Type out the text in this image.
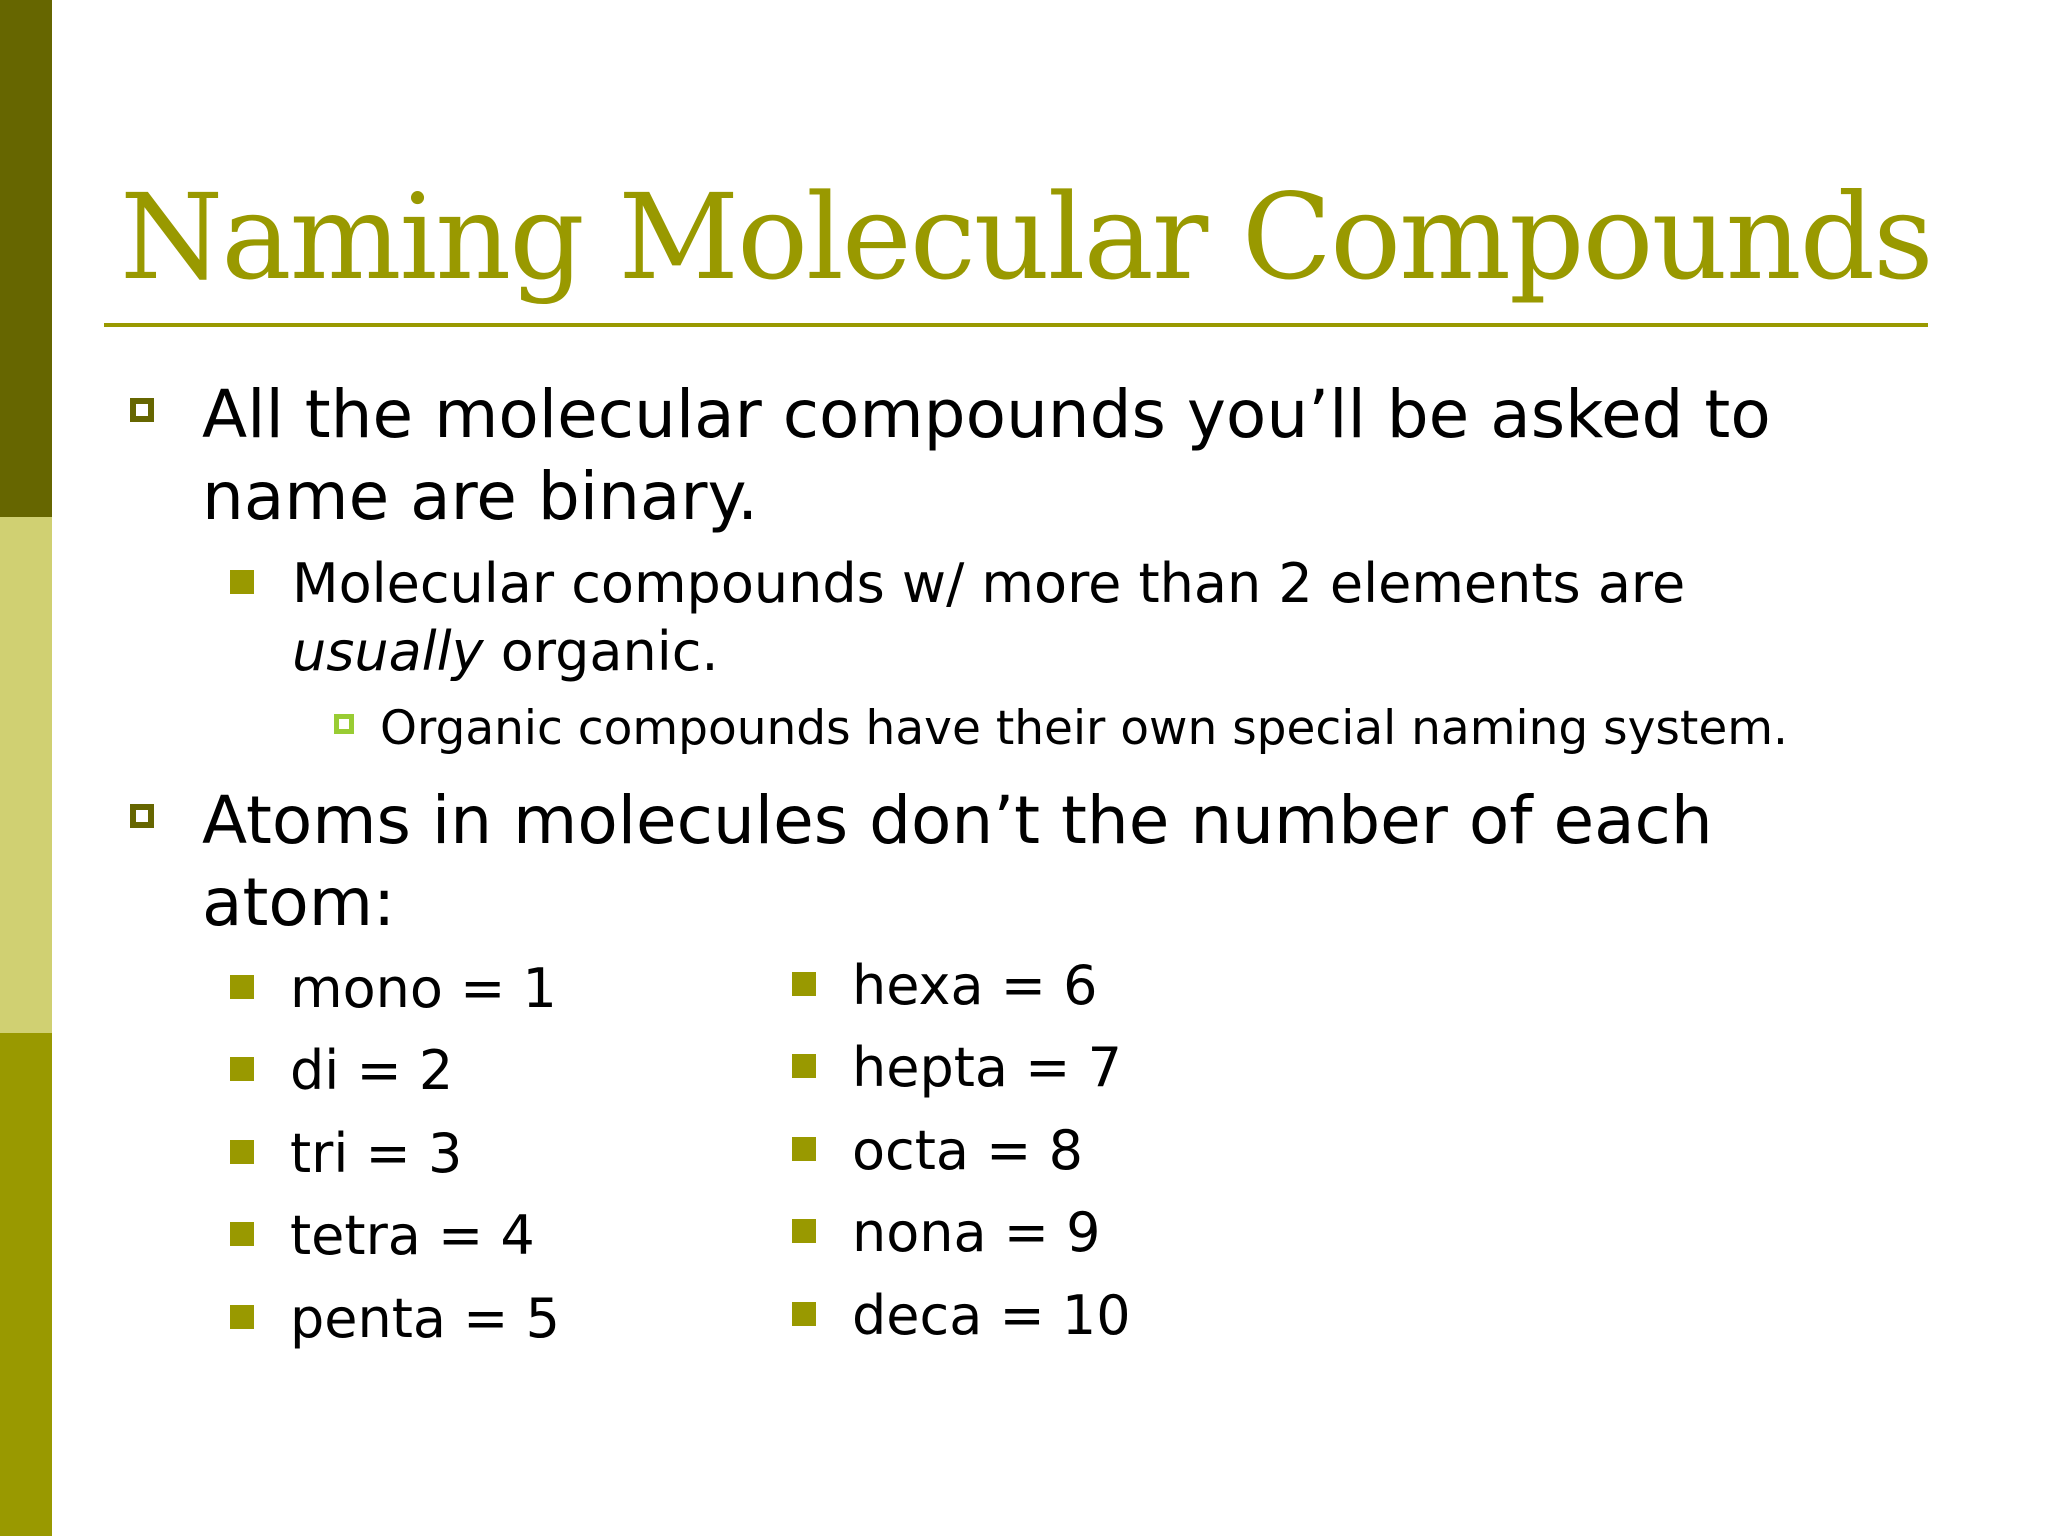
Naming Molecular Compounds
All the molecular compounds you’ll be asked to
name are binary.
Molecular compounds w/ more than 2 elements are
usually organic.
Organic compounds have their own special naming system.
Atoms in molecules don’t the number of each
atom:
mono = 1
di = 2
tri = 3
tetra = 4
penta = 5
hexa = 6
hepta = 7
octa = 8
nona = 9
deca = 10
